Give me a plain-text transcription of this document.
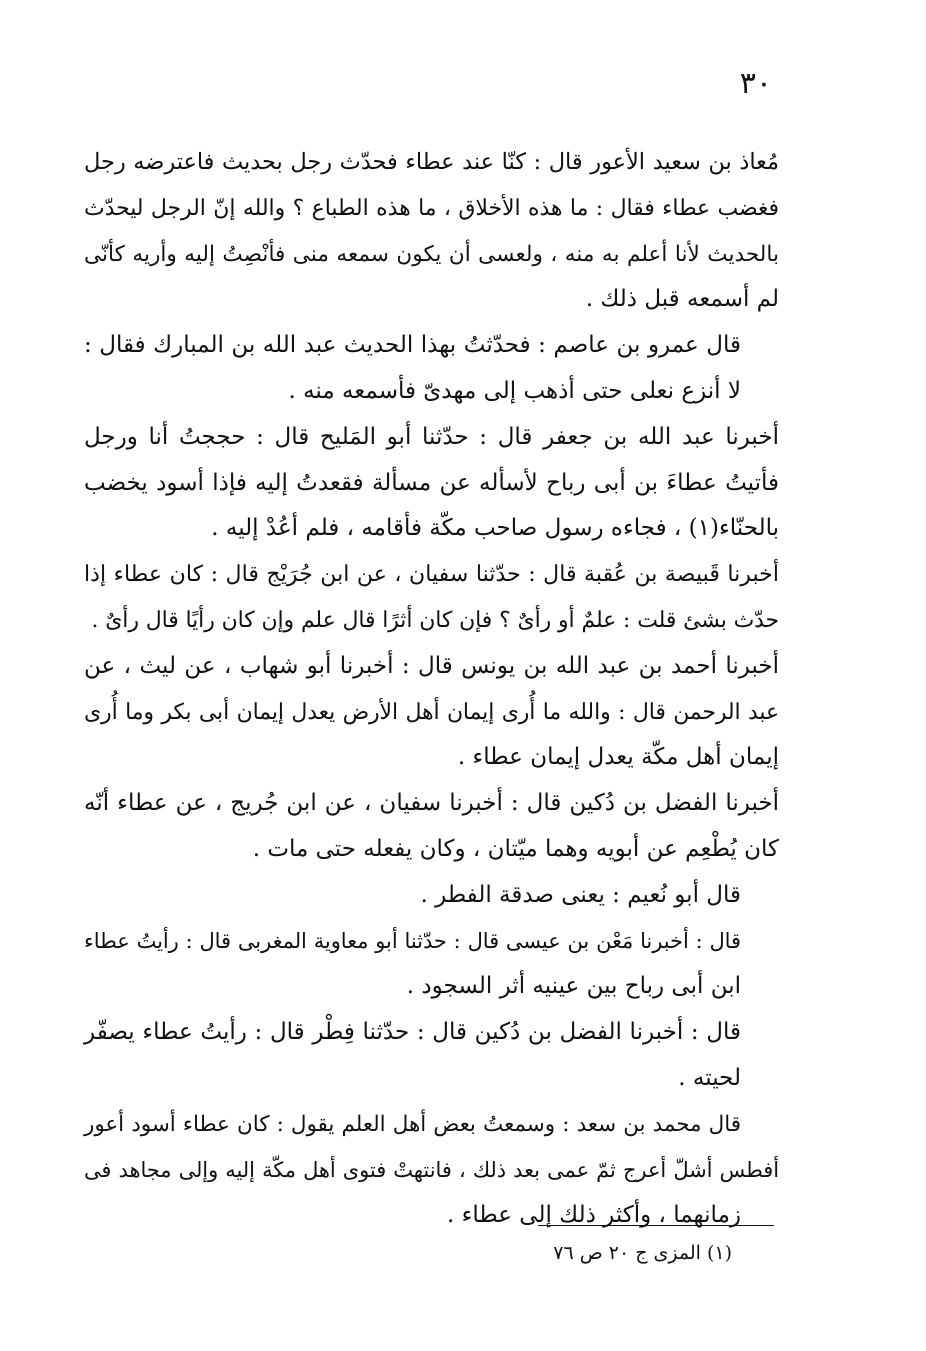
٣٠
مُعاذ بن سعيد الأعور قال : كنّا عند عطاء فحدّث رجل بحديث فاعترضه رجل
فغضب عطاء فقال : ما هذه الأخلاق ، ما هذه الطباع ؟ والله إنّ الرجل ليحدّث
بالحديث لأنا أعلم به منه ، ولعسى أن يكون سمعه منى فأنْصِتُ إليه وأريه كأنّى
لم أسمعه قبل ذلك .
قال عمرو بن عاصم : فحدّثتُ بهذا الحديث عبد الله بن المبارك فقال :
لا أنزع نعلى حتى أذهب إلى مهدىّ فأسمعه منه .
أخبرنا عبد الله بن جعفر قال : حدّثنا أبو المَليح قال : حججتُ أنا ورجل
فأتيتُ عطاءَ بن أبى رباح لأسأله عن مسألة فقعدتُ إليه فإذا أسود يخضب
بالحنّاء(١) ، فجاءه رسول صاحب مكّة فأقامه ، فلم أعُدْ إليه .
أخبرنا قَبيصة بن عُقبة قال : حدّثنا سفيان ، عن ابن جُرَيْج قال : كان عطاء إذا
حدّث بشئ قلت : علمٌ أو رأىٌ ؟ فإن كان أثرًا قال علم وإن كان رأيًا قال رأىٌ .
أخبرنا أحمد بن عبد الله بن يونس قال : أخبرنا أبو شهاب ، عن ليث ، عن
عبد الرحمن قال : والله ما أُرى إيمان أهل الأرض يعدل إيمان أبى بكر وما أُرى
إيمان أهل مكّة يعدل إيمان عطاء .
أخبرنا الفضل بن دُكين قال : أخبرنا سفيان ، عن ابن جُريج ، عن عطاء أنّه
كان يُطْعِم عن أبويه وهما ميّتان ، وكان يفعله حتى مات .
قال أبو نُعيم : يعنى صدقة الفطر .
قال : أخبرنا مَعْن بن عيسى قال : حدّثنا أبو معاوية المغربى قال : رأيتُ عطاء
ابن أبى رباح بين عينيه أثر السجود .
قال : أخبرنا الفضل بن دُكين قال : حدّثنا فِطْر قال : رأيتُ عطاء يصفّر
لحيته .
قال محمد بن سعد : وسمعتُ بعض أهل العلم يقول : كان عطاء أسود أعور
أفطس أشلّ أعرج ثمّ عمى بعد ذلك ، فانتهتْ فتوى أهل مكّة إليه وإلى مجاهد فى
زمانهما ، وأكثر ذلك إلى عطاء .
(١) المزى ج ٢٠ ص ٧٦
